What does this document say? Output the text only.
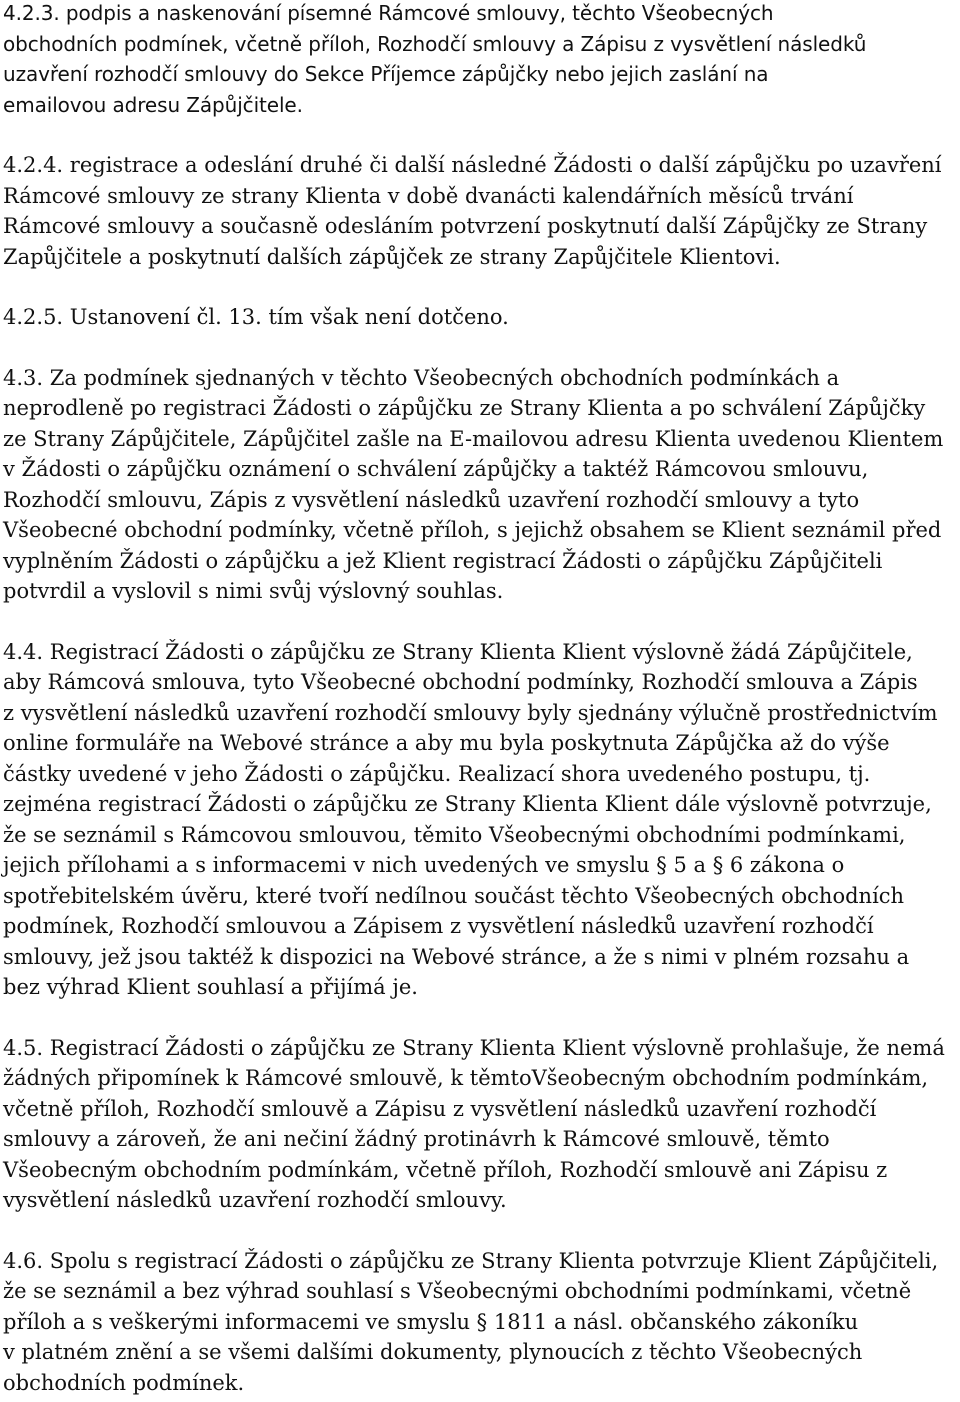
4.2.3. podpis a naskenování písemné Rámcové smlouvy, těchto Všeobecných
obchodních podmínek, včetně příloh, Rozhodčí smlouvy a Zápisu z vysvětlení následků
uzavření rozhodčí smlouvy do Sekce Příjemce zápůjčky nebo jejich zaslání na
emailovou adresu Zápůjčitele.

4.2.4. registrace a odeslání druhé či další následné Žádosti o další zápůjčku po uzavření
Rámcové smlouvy ze strany Klienta v době dvanácti kalendářních měsíců trvání
Rámcové smlouvy a současně odesláním potvrzení poskytnutí další Zápůjčky ze Strany
Zapůjčitele a poskytnutí dalších zápůjček ze strany Zapůjčitele Klientovi.

4.2.5. Ustanovení čl. 13. tím však není dotčeno.

4.3. Za podmínek sjednaných v těchto Všeobecných obchodních podmínkách a
neprodleně po registraci Žádosti o zápůjčku ze Strany Klienta a po schválení Zápůjčky
ze Strany Zápůjčitele, Zápůjčitel zašle na E-mailovou adresu Klienta uvedenou Klientem
v Žádosti o zápůjčku oznámení o schválení zápůjčky a taktéž Rámcovou smlouvu,
Rozhodčí smlouvu, Zápis z vysvětlení následků uzavření rozhodčí smlouvy a tyto
Všeobecné obchodní podmínky, včetně příloh, s jejichž obsahem se Klient seznámil před
vyplněním Žádosti o zápůjčku a jež Klient registrací Žádosti o zápůjčku Zápůjčiteli
potvrdil a vyslovil s nimi svůj výslovný souhlas.

4.4. Registrací Žádosti o zápůjčku ze Strany Klienta Klient výslovně žádá Zápůjčitele,
aby Rámcová smlouva, tyto Všeobecné obchodní podmínky, Rozhodčí smlouva a Zápis
z vysvětlení následků uzavření rozhodčí smlouvy byly sjednány výlučně prostřednictvím
online formuláře na Webové stránce a aby mu byla poskytnuta Zápůjčka až do výše
částky uvedené v jeho Žádosti o zápůjčku. Realizací shora uvedeného postupu, tj.
zejména registrací Žádosti o zápůjčku ze Strany Klienta Klient dále výslovně potvrzuje,
že se seznámil s Rámcovou smlouvou, těmito Všeobecnými obchodními podmínkami,
jejich přílohami a s informacemi v nich uvedených ve smyslu § 5 a § 6 zákona o
spotřebitelském úvěru, které tvoří nedílnou součást těchto Všeobecných obchodních
podmínek, Rozhodčí smlouvou a Zápisem z vysvětlení následků uzavření rozhodčí
smlouvy, jež jsou taktéž k dispozici na Webové stránce, a že s nimi v plném rozsahu a
bez výhrad Klient souhlasí a přijímá je.

4.5. Registrací Žádosti o zápůjčku ze Strany Klienta Klient výslovně prohlašuje, že nemá
žádných připomínek k Rámcové smlouvě, k těmtoVšeobecným obchodním podmínkám,
včetně příloh, Rozhodčí smlouvě a Zápisu z vysvětlení následků uzavření rozhodčí
smlouvy a zároveň, že ani nečiní žádný protinávrh k Rámcové smlouvě, těmto
Všeobecným obchodním podmínkám, včetně příloh, Rozhodčí smlouvě ani Zápisu z
vysvětlení následků uzavření rozhodčí smlouvy.

4.6. Spolu s registrací Žádosti o zápůjčku ze Strany Klienta potvrzuje Klient Zápůjčiteli,
že se seznámil a bez výhrad souhlasí s Všeobecnými obchodními podmínkami, včetně
příloh a s veškerými informacemi ve smyslu § 1811 a násl. občanského zákoníku
v platném znění a se všemi dalšími dokumenty, plynoucích z těchto Všeobecných
obchodních podmínek.
